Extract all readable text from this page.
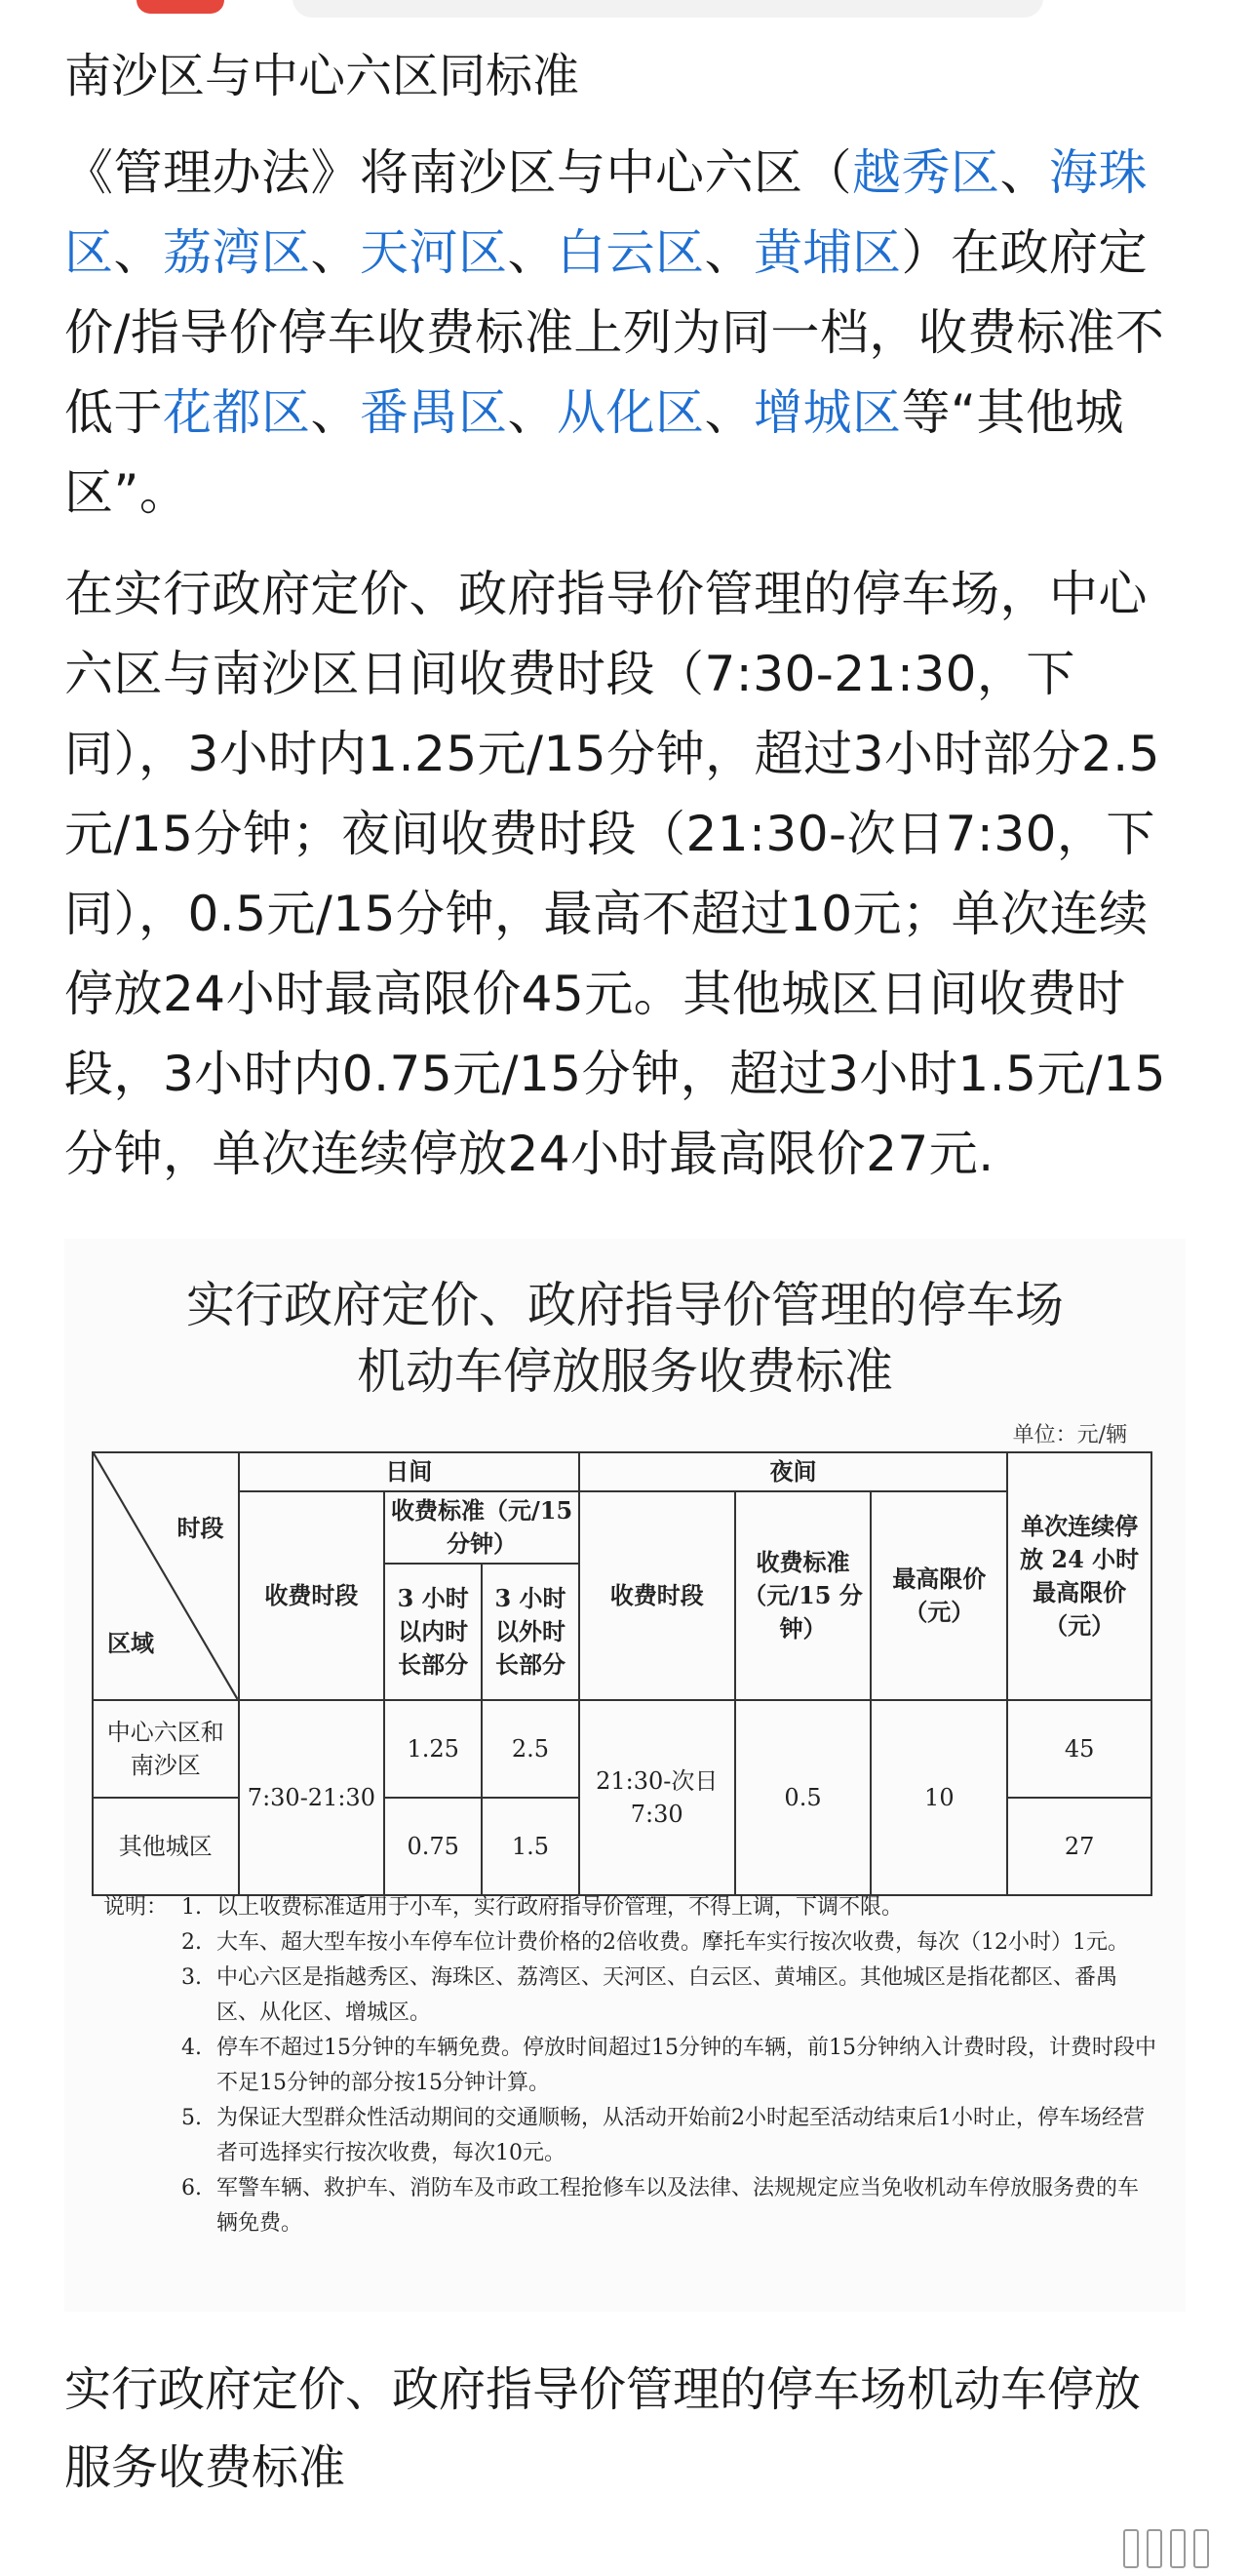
南沙区与中心六区同标准

《管理办法》将南沙区与中心六区（越秀区、海珠区、荔湾区、天河区、白云区、黄埔区）在政府定价/指导价停车收费标准上列为同一档，收费标准不低于花都区、番禺区、从化区、增城区等“其他城区”。

在实行政府定价、政府指导价管理的停车场，中心六区与南沙区日间收费时段（7:30-21:30，下同），3小时内1.25元/15分钟，超过3小时部分2.5元/15分钟；夜间收费时段（21:30-次日7:30，下同），0.5元/15分钟，最高不超过10元；单次连续停放24小时最高限价45元。其他城区日间收费时段，3小时内0.75元/15分钟，超过3小时1.5元/15分钟，单次连续停放24小时最高限价27元.

实行政府定价、政府指导价管理的停车场
机动车停放服务收费标准
单位：元/辆
时段
区域	日间			夜间			单次连续停放 24 小时最高限价（元）
	收费时段	收费标准（元/15 分钟）		收费时段	收费标准（元/15 分钟）	最高限价（元）	
		3 小时以内时长部分	3 小时以外时长部分				
中心六区和南沙区	7:30-21:30	1.25	2.5	21:30-次日7:30	0.5	10	45
其他城区		0.75	1.5				27
说明： 1. 以上收费标准适用于小车，实行政府指导价管理，不得上调，下调不限。
2. 大车、超大型车按小车停车位计费价格的2倍收费。摩托车实行按次收费，每次（12小时）1元。
3. 中心六区是指越秀区、海珠区、荔湾区、天河区、白云区、黄埔区。其他城区是指花都区、番禺区、从化区、增城区。
4. 停车不超过15分钟的车辆免费。停放时间超过15分钟的车辆，前15分钟纳入计费时段，计费时段中不足15分钟的部分按15分钟计算。
5. 为保证大型群众性活动期间的交通顺畅，从活动开始前2小时起至活动结束后1小时止，停车场经营者可选择实行按次收费，每次10元。
6. 军警车辆、救护车、消防车及市政工程抢修车以及法律、法规规定应当免收机动车停放服务费的车辆免费。
实行政府定价、政府指导价管理的停车场机动车停放服务收费标准
